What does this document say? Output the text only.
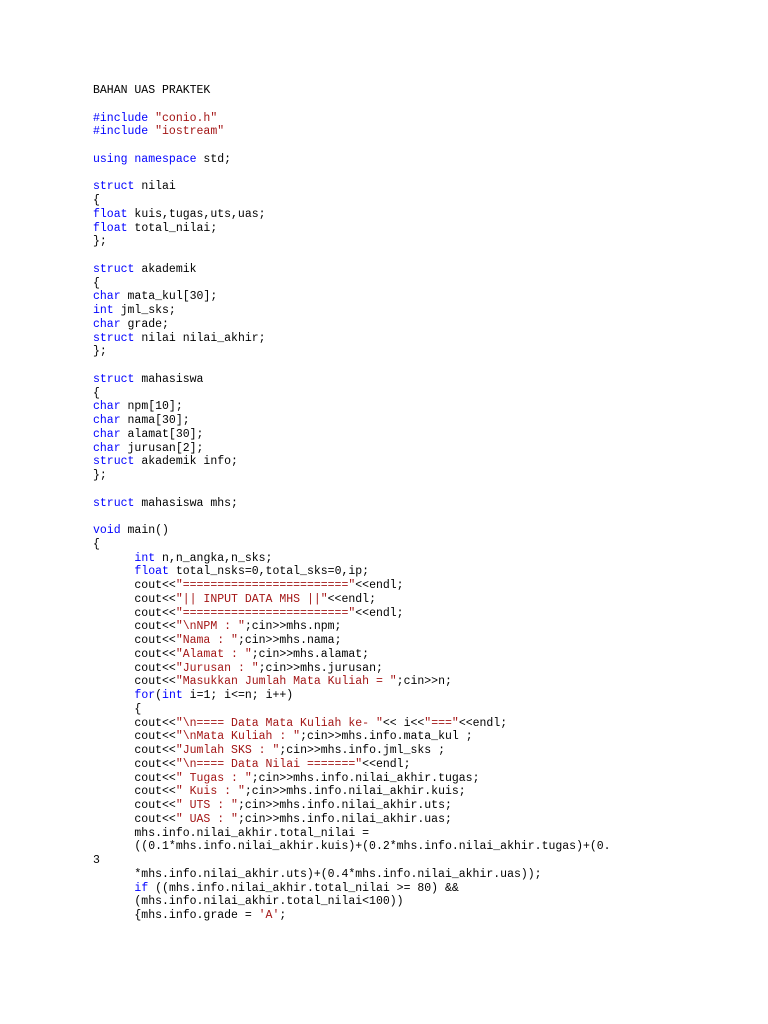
BAHAN UAS PRAKTEK

#include "conio.h"
#include "iostream"

using namespace std;

struct nilai
{
float kuis,tugas,uts,uas;
float total_nilai;
};

struct akademik
{
char mata_kul[30];
int jml_sks;
char grade;
struct nilai nilai_akhir;
};

struct mahasiswa
{
char npm[10];
char nama[30];
char alamat[30];
char jurusan[2];
struct akademik info;
};

struct mahasiswa mhs;

void main()
{
int n,n_angka,n_sks;
float total_nsks=0,total_sks=0,ip;
cout<<"========================"<<endl;
cout<<"|| INPUT DATA MHS ||"<<endl;
cout<<"========================"<<endl;
cout<<"\nNPM : ";cin>>mhs.npm;
cout<<"Nama : ";cin>>mhs.nama;
cout<<"Alamat : ";cin>>mhs.alamat;
cout<<"Jurusan : ";cin>>mhs.jurusan;
cout<<"Masukkan Jumlah Mata Kuliah = ";cin>>n;
for(int i=1; i<=n; i++)
{
cout<<"\n==== Data Mata Kuliah ke- "<< i<<"==="<<endl;
cout<<"\nMata Kuliah : ";cin>>mhs.info.mata_kul ;
cout<<"Jumlah SKS : ";cin>>mhs.info.jml_sks ;
cout<<"\n==== Data Nilai ======="<<endl;
cout<<" Tugas : ";cin>>mhs.info.nilai_akhir.tugas;
cout<<" Kuis : ";cin>>mhs.info.nilai_akhir.kuis;
cout<<" UTS : ";cin>>mhs.info.nilai_akhir.uts;
cout<<" UAS : ";cin>>mhs.info.nilai_akhir.uas;
mhs.info.nilai_akhir.total_nilai =
((0.1*mhs.info.nilai_akhir.kuis)+(0.2*mhs.info.nilai_akhir.tugas)+(0.
3
*mhs.info.nilai_akhir.uts)+(0.4*mhs.info.nilai_akhir.uas));
if ((mhs.info.nilai_akhir.total_nilai >= 80) &&
(mhs.info.nilai_akhir.total_nilai<100))
{mhs.info.grade = 'A';
